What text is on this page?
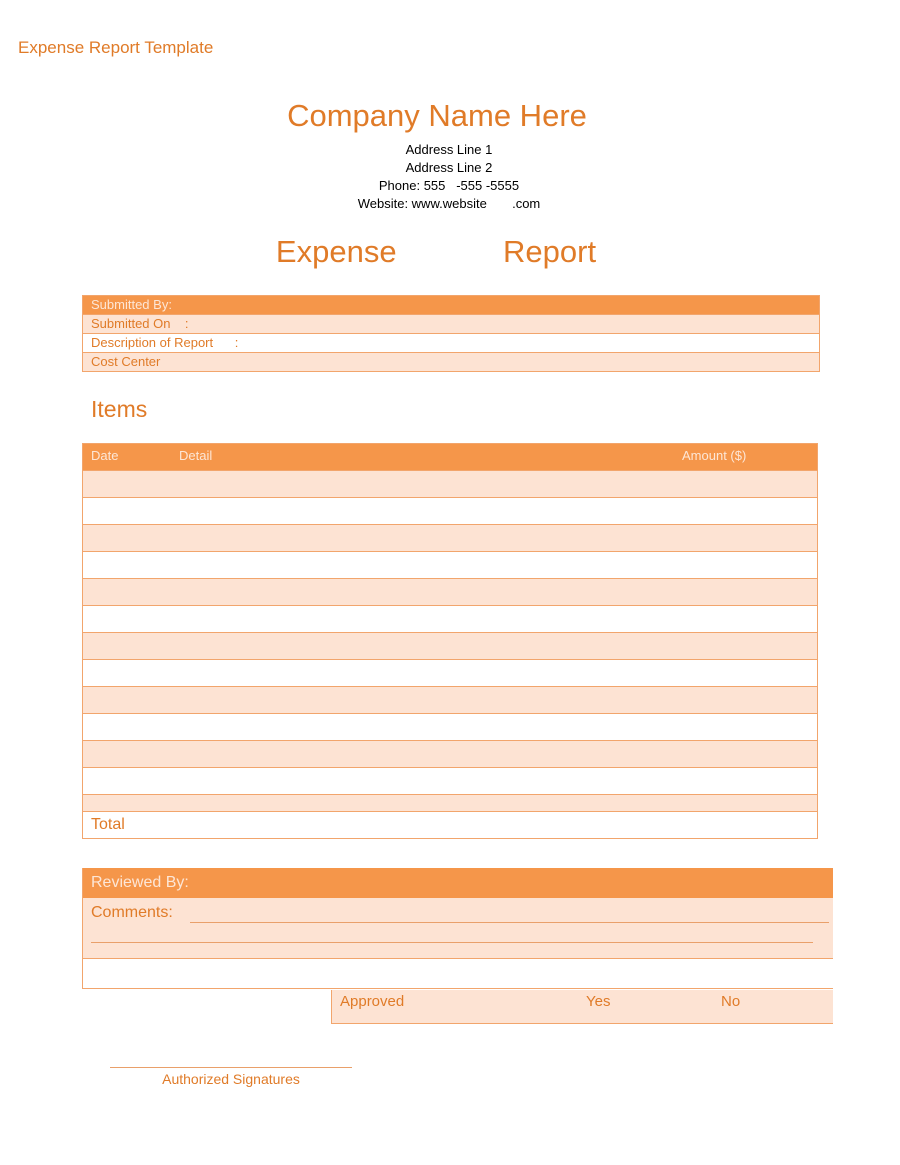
Expense Report Template
Company Name Here
Address Line 1
Address Line 2
Phone: 555   -555 -5555
Website: www.website       .com
Expense    Report
Submitted By:
Submitted On    :
Description of Report      :
Cost Center
Items
Date	Detail	Amount ($)
Total
Reviewed By:
Comments:
Approved	Yes	No
Authorized Signatures
